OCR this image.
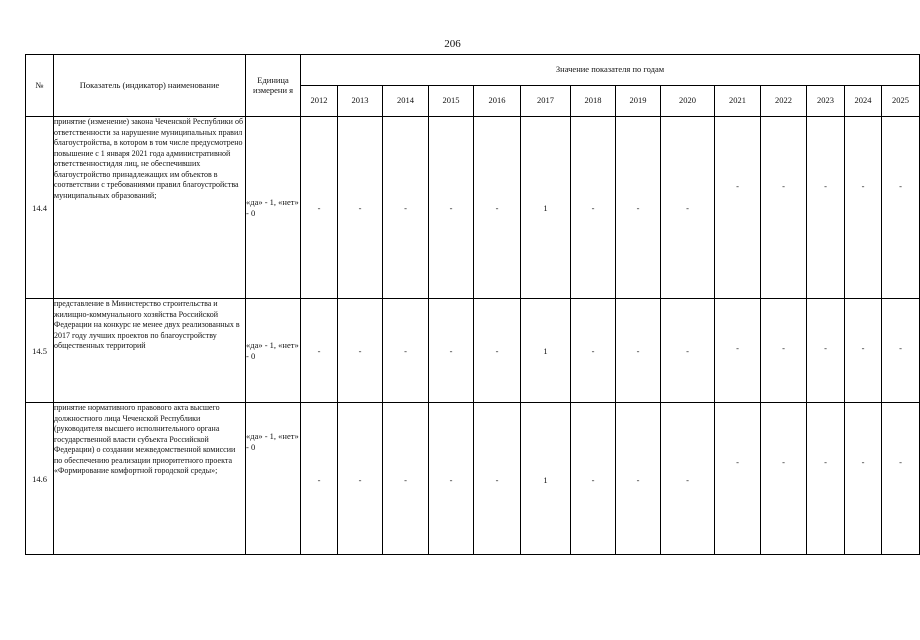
206
№	Показатель (индикатор) наименование	Единица измерени я	Значение показателя по годам													
			2012	2013	2014	2015	2016	2017	2018	2019	2020	2021	2022	2023	2024	2025
14.4	принятие (изменение) закона Чеченской Республики об ответственности за нарушение муниципальных правил благоустройства, в котором в том числе предусмотрено повышение с 1 января 2021 года административной ответственностидля лиц, не обеспечивших благоустройство принадлежащих им объектов в соответствии с требованиями правил благоустройства муниципальных образований;	«да» - 1, «нет» - 0	-	-	-	-	-	1	-	-	-	-	-	-	-	-
14.5	представление в Министерство строительства и жилищно-коммунального хозяйства Российской Федерации на конкурс не менее двух реализованных в 2017 году лучших проектов по благоустройству общественных территорий	«да» - 1, «нет» - 0	-	-	-	-	-	1	-	-	-	-	-	-	-	-
14.6	принятие нормативного правового акта высшего должностного лица Чеченской Республики (руководителя высшего исполнительного органа государственной власти субъекта Российской Федерации) о создании межведомственной комиссии по обеспечению реализации приоритетного проекта «Формирование комфортной городской среды»;	«да» - 1, «нет» - 0	-	-	-	-	-	1	-	-	-	-	-	-	-	-
